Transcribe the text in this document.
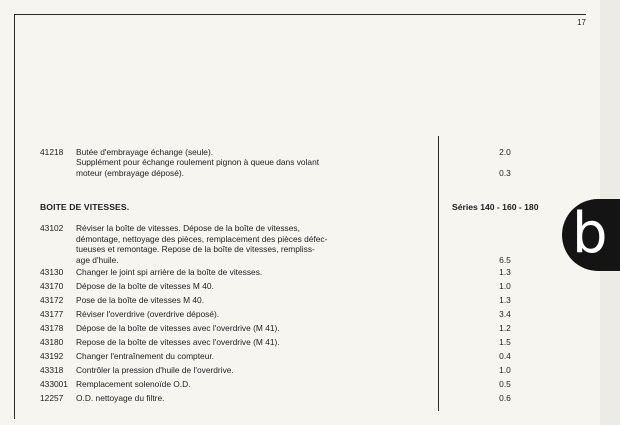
17
b
41218	Butée d'embrayage échange (seule).	2.0
Supplément pour échange roulement pignon à queue dans volant
moteur (embrayage déposé).	0.3
BOITE DE VITESSES.	Séries 140 - 160 - 180
43102	Réviser la boîte de vitesses. Dépose de la boîte de vitesses,
démontage, nettoyage des pièces, remplacement des pièces défec-
tueuses et remontage. Repose de la boîte de vitesses, rempliss-
age d'huile.	6.5
43130	Changer le joint spi arrière de la boîte de vitesses.	1.3
43170	Dépose de la boîte de vitesses M 40.	1.0
43172	Pose de la boîte de vitesses M 40.	1.3
43177	Réviser l'overdrive (overdrive déposé).	3.4
43178	Dépose de la boîte de vitesses avec l'overdrive (M 41).	1.2
43180	Repose de la boîte de vitesses avec l'overdrive (M 41).	1.5
43192	Changer l'entraînement du compteur.	0.4
43318	Contrôler la pression d'huile de l'overdrive.	1.0
433001 Remplacement solenoïde O.D.	0.5
12257	O.D. nettoyage du filtre.	0.6
